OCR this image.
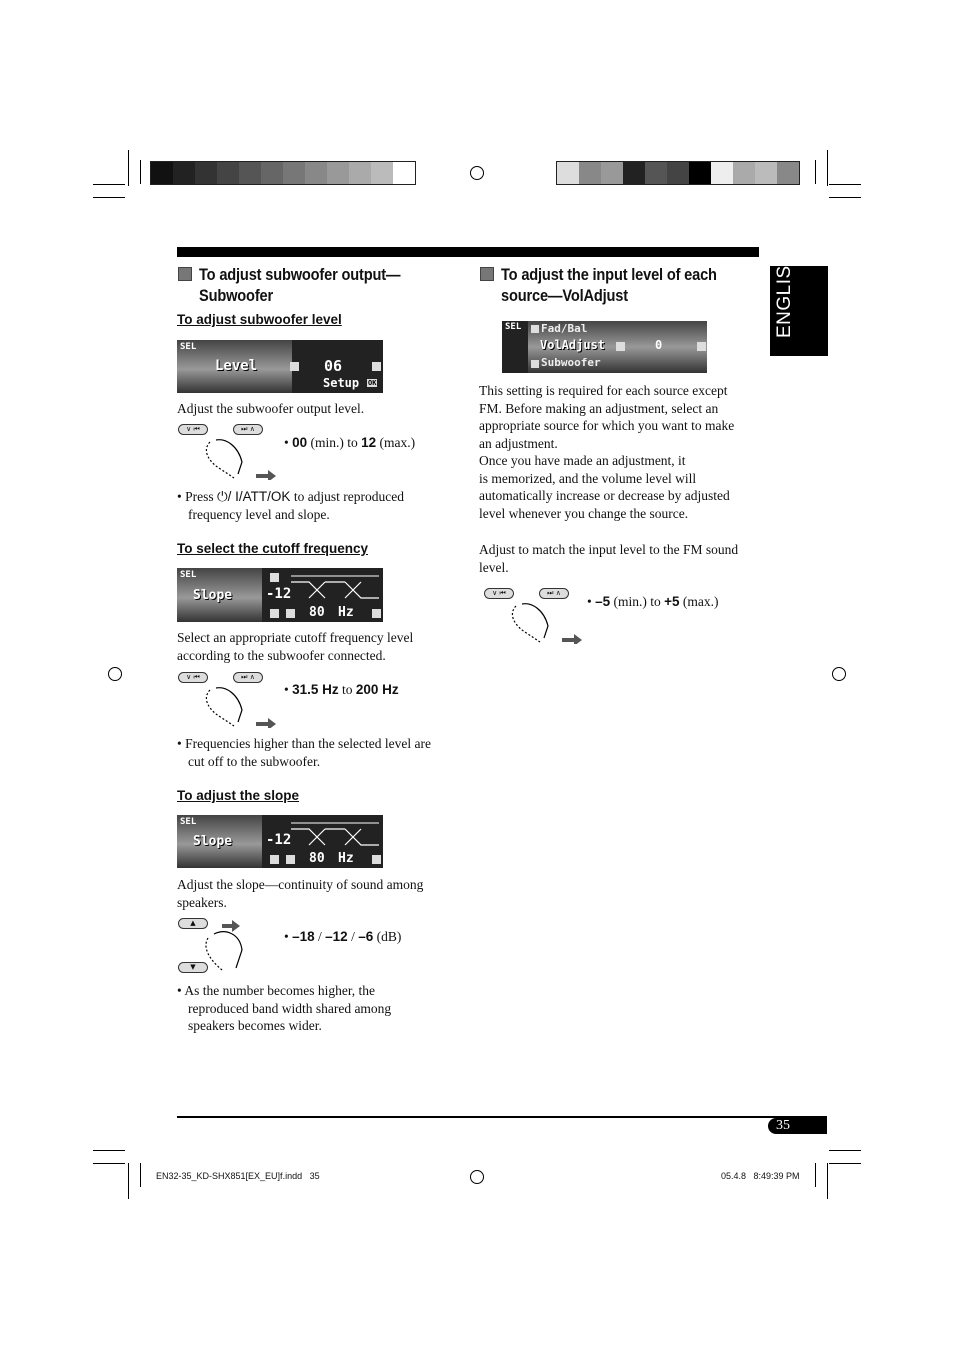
ENGLISH
To adjust subwoofer output—
Subwoofer
To adjust subwoofer level
SEL
Level	06
Setup OK
Adjust the subwoofer output level.
∨ ⏮	⏭ ∧
• 00 (min.) to 12 (max.)
• Press ⏻/ I/ATT/OK to adjust reproduced
frequency level and slope.
To select the cutoff frequency
SEL
Slope -12
80 Hz
Select an appropriate cutoff frequency level
according to the subwoofer connected.
∨ ⏮	⏭ ∧
• 31.5 Hz to 200 Hz
• Frequencies higher than the selected level are
cut off to the subwoofer.
To adjust the slope
SEL
Slope -12
80 Hz
Adjust the slope—continuity of sound among
speakers.
▲
▼
• –18 / –12 / –6 (dB)
• As the number becomes higher, the
reproduced band width shared among
speakers becomes wider.
To adjust the input level of each
source—VolAdjust
SEL Fad/Bal
VolAdjust	0
Subwoofer
This setting is required for each source except
FM. Before making an adjustment, select an
appropriate source for which you want to make
an adjustment.
Once you have made an adjustment, it
is memorized, and the volume level will
automatically increase or decrease by adjusted
level whenever you change the source.
Adjust to match the input level to the FM sound
level.
∨ ⏮	⏭ ∧
• –5 (min.) to +5 (max.)
35
EN32-35_KD-SHX851[EX_EU]f.indd   35	05.4.8   8:49:39 PM
